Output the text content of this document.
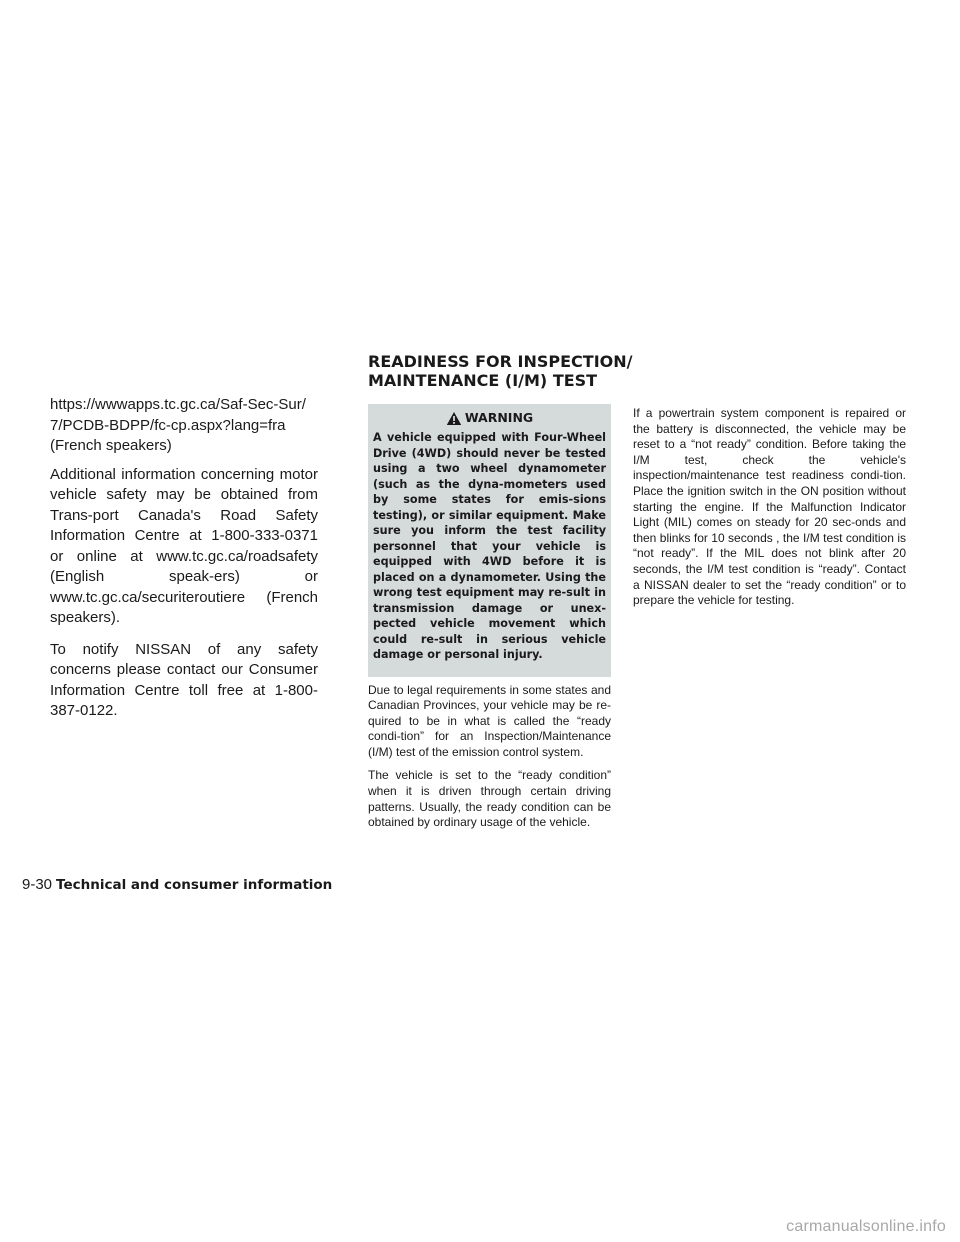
READINESS FOR INSPECTION/
MAINTENANCE (I/M) TEST

https://wwwapps.tc.gc.ca/Saf-Sec-Sur/
7/PCDB-BDPP/fc-cp.aspx?lang=fra
(French speakers)

Additional information concerning motor vehicle safety may be obtained from Trans-port Canada's Road Safety Information Centre at 1-800-333-0371 or online at www.tc.gc.ca/roadsafety (English speak-ers) or www.tc.gc.ca/securiteroutiere (French speakers).

To notify NISSAN of any safety concerns please contact our Consumer Information Centre toll free at 1-800-387-0122.

WARNING

A vehicle equipped with Four-Wheel Drive (4WD) should never be tested using a two wheel dynamometer (such as the dyna-mometers used by some states for emis-sions testing), or similar equipment. Make sure you inform the test facility personnel that your vehicle is equipped with 4WD before it is placed on a dynamometer. Using the wrong test equipment may re-sult in transmission damage or unex-pected vehicle movement which could re-sult in serious vehicle damage or personal injury.

Due to legal requirements in some states and Canadian Provinces, your vehicle may be re-quired to be in what is called the “ready condi-tion” for an Inspection/Maintenance (I/M) test of the emission control system.

The vehicle is set to the “ready condition” when it is driven through certain driving patterns. Usually, the ready condition can be obtained by ordinary usage of the vehicle.

If a powertrain system component is repaired or the battery is disconnected, the vehicle may be reset to a “not ready” condition. Before taking the I/M test, check the vehicle's inspection/maintenance test readiness condi-tion. Place the ignition switch in the ON position without starting the engine. If the Malfunction Indicator Light (MIL) comes on steady for 20 sec-onds and then blinks for 10 seconds , the I/M test condition is “not ready”. If the MIL does not blink after 20 seconds, the I/M test condition is “ready”. Contact a NISSAN dealer to set the “ready condition” or to prepare the vehicle for testing.

9-30 Technical and consumer information
carmanualsonline.info
